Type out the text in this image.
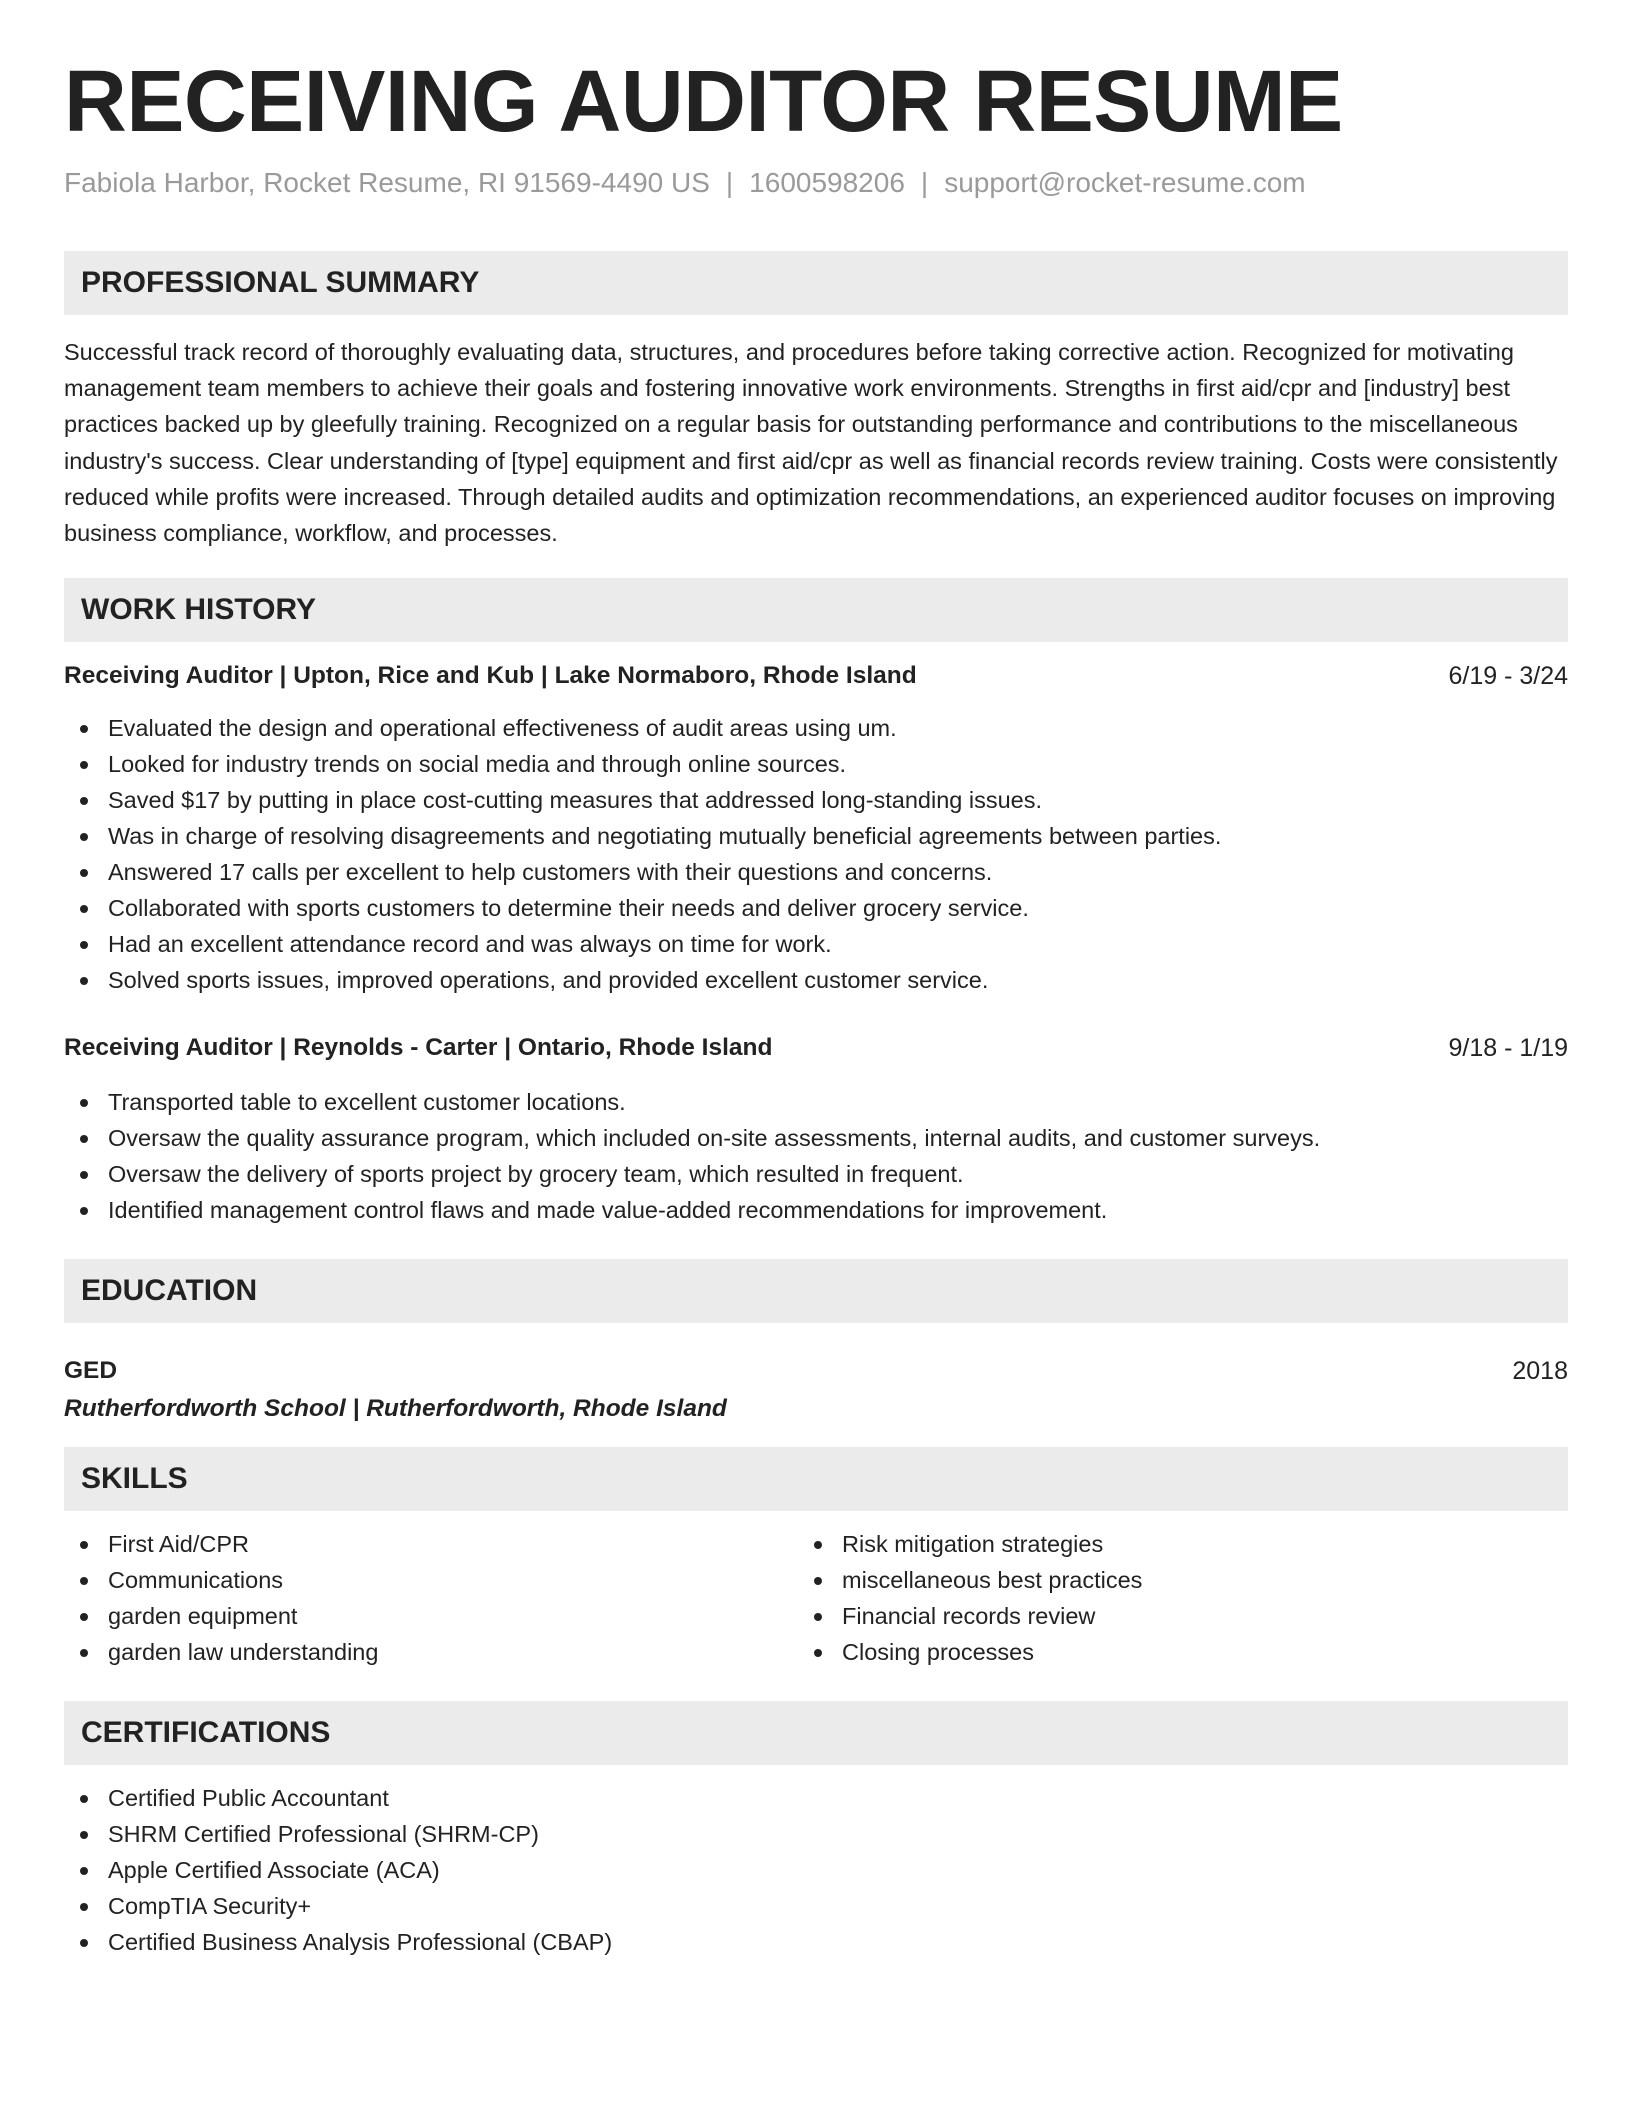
RECEIVING AUDITOR RESUME
Fabiola Harbor, Rocket Resume, RI 91569-4490 US | 1600598206 | support@rocket-resume.com
PROFESSIONAL SUMMARY

Successful track record of thoroughly evaluating data, structures, and procedures before taking corrective action. Recognized for motivating management team members to achieve their goals and fostering innovative work environments. Strengths in first aid/cpr and [industry] best practices backed up by gleefully training. Recognized on a regular basis for outstanding performance and contributions to the miscellaneous industry's success. Clear understanding of [type] equipment and first aid/cpr as well as financial records review training. Costs were consistently reduced while profits were increased. Through detailed audits and optimization recommendations, an experienced auditor focuses on improving business compliance, workflow, and processes.

WORK HISTORY
Receiving Auditor | Upton, Rice and Kub | Lake Normaboro, Rhode Island	6/19 - 3/24
Evaluated the design and operational effectiveness of audit areas using um.
Looked for industry trends on social media and through online sources.
Saved $17 by putting in place cost-cutting measures that addressed long-standing issues.
Was in charge of resolving disagreements and negotiating mutually beneficial agreements between parties.
Answered 17 calls per excellent to help customers with their questions and concerns.
Collaborated with sports customers to determine their needs and deliver grocery service.
Had an excellent attendance record and was always on time for work.
Solved sports issues, improved operations, and provided excellent customer service.
Receiving Auditor | Reynolds - Carter | Ontario, Rhode Island	9/18 - 1/19
Transported table to excellent customer locations.
Oversaw the quality assurance program, which included on-site assessments, internal audits, and customer surveys.
Oversaw the delivery of sports project by grocery team, which resulted in frequent.
Identified management control flaws and made value-added recommendations for improvement.
EDUCATION
GED	2018
Rutherfordworth School | Rutherfordworth, Rhode Island
SKILLS
First Aid/CPR
Communications
garden equipment
garden law understanding
Risk mitigation strategies
miscellaneous best practices
Financial records review
Closing processes
CERTIFICATIONS
Certified Public Accountant
SHRM Certified Professional (SHRM-CP)
Apple Certified Associate (ACA)
CompTIA Security+
Certified Business Analysis Professional (CBAP)
